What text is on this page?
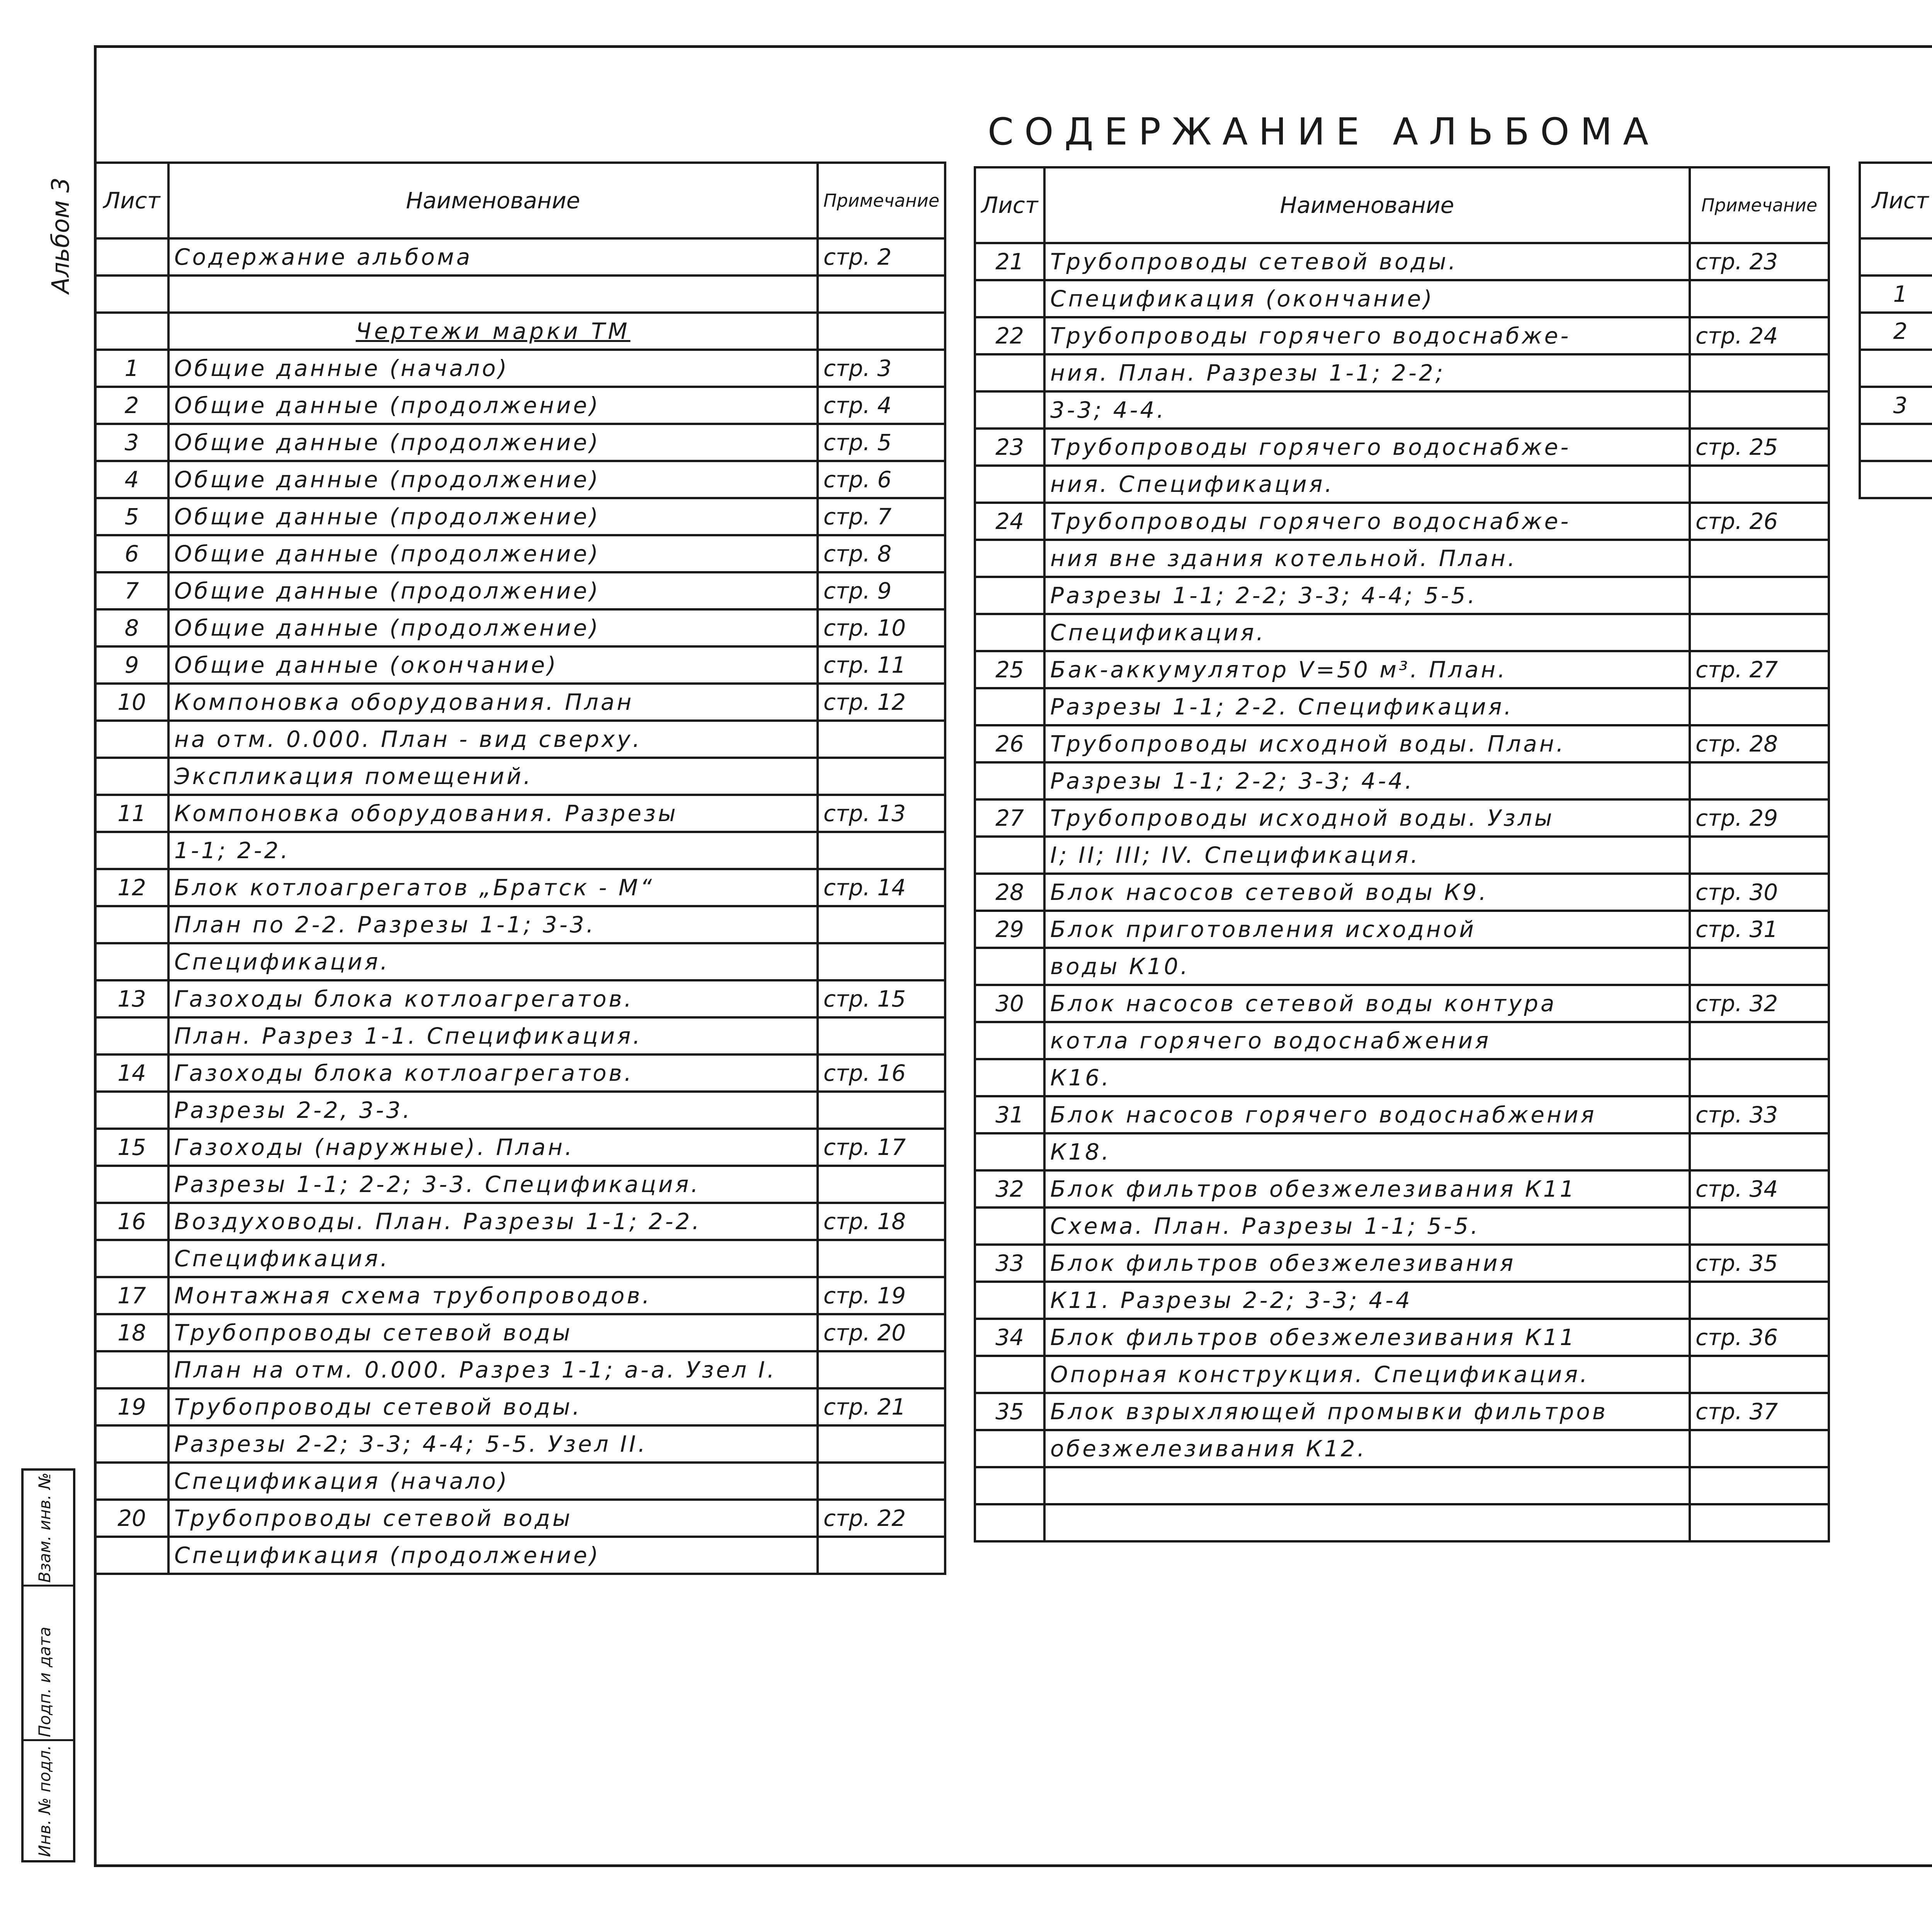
СОДЕРЖАНИЕ АЛЬБОМА
Альбом 3 Лист	Наименование	Примечание
	Содержание альбома	стр. 2

	Чертежи марки ТМ	
1	Общие данные (начало)	стр. 3
2	Общие данные (продолжение)	стр. 4
3	Общие данные (продолжение)	стр. 5
4	Общие данные (продолжение)	стр. 6
5	Общие данные (продолжение)	стр. 7
6	Общие данные (продолжение)	стр. 8
7	Общие данные (продолжение)	стр. 9
8	Общие данные (продолжение)	стр. 10
9	Общие данные (окончание)	стр. 11
10	Компоновка оборудования. План	стр. 12
	на отм. 0.000. План - вид сверху.	
	Экспликация помещений.	
11	Компоновка оборудования. Разрезы	стр. 13
	1-1; 2-2.	
12	Блок котлоагрегатов „Братск - М“	стр. 14
	План по 2-2. Разрезы 1-1; 3-3.	
	Спецификация.	
13	Газоходы блока котлоагрегатов.	стр. 15
	План. Разрез 1-1. Спецификация.	
14	Газоходы блока котлоагрегатов.	стр. 16
	Разрезы 2-2, 3-3.	
15	Газоходы (наружные). План.	стр. 17
	Разрезы 1-1; 2-2; 3-3. Спецификация.	
16	Воздуховоды. План. Разрезы 1-1; 2-2.	стр. 18
	Спецификация.	
17	Монтажная схема трубопроводов.	стр. 19
18	Трубопроводы сетевой воды	стр. 20
	План на отм. 0.000. Разрез 1-1; а-а. Узел I.	
19	Трубопроводы сетевой воды.	стр. 21
	Разрезы 2-2; 3-3; 4-4; 5-5. Узел II.	
	Спецификация (начало)	
20	Трубопроводы сетевой воды	стр. 22
	Спецификация (продолжение)	
Лист	Наименование	Примечание
21	Трубопроводы сетевой воды.	стр. 23
	Спецификация (окончание)	
22	Трубопроводы горячего водоснабже-	стр. 24
	ния. План. Разрезы 1-1; 2-2;	
	3-3; 4-4.	
23	Трубопроводы горячего водоснабже-	стр. 25
	ния. Спецификация.	
24	Трубопроводы горячего водоснабже-	стр. 26
	ния вне здания котельной. План.	
	Разрезы 1-1; 2-2; 3-3; 4-4; 5-5.	
	Спецификация.	
25	Бак-аккумулятор V=50 м³. План.	стр. 27
	Разрезы 1-1; 2-2. Спецификация.	
26	Трубопроводы исходной воды. План.	стр. 28
	Разрезы 1-1; 2-2; 3-3; 4-4.	
27	Трубопроводы исходной воды. Узлы	стр. 29
	I; II; III; IV. Спецификация.	
28	Блок насосов сетевой воды К9.	стр. 30
29	Блок приготовления исходной	стр. 31
	воды К10.	
30	Блок насосов сетевой воды контура	стр. 32
	котла горячего водоснабжения	
	К16.	
31	Блок насосов горячего водоснабжения	стр. 33
	К18.	
32	Блок фильтров обезжелезивания К11	стр. 34
	Схема. План. Разрезы 1-1; 5-5.	
33	Блок фильтров обезжелезивания	стр. 35
	К11. Разрезы 2-2; 3-3; 4-4	
34	Блок фильтров обезжелезивания К11	стр. 36
	Опорная конструкция. Спецификация.	
35	Блок взрыхляющей промывки фильтров	стр. 37
	обезжелезивания К12.	

Лист		

1		
2		

3		

Взам. инв. №
Подп. и дата
Инв. № подл.
